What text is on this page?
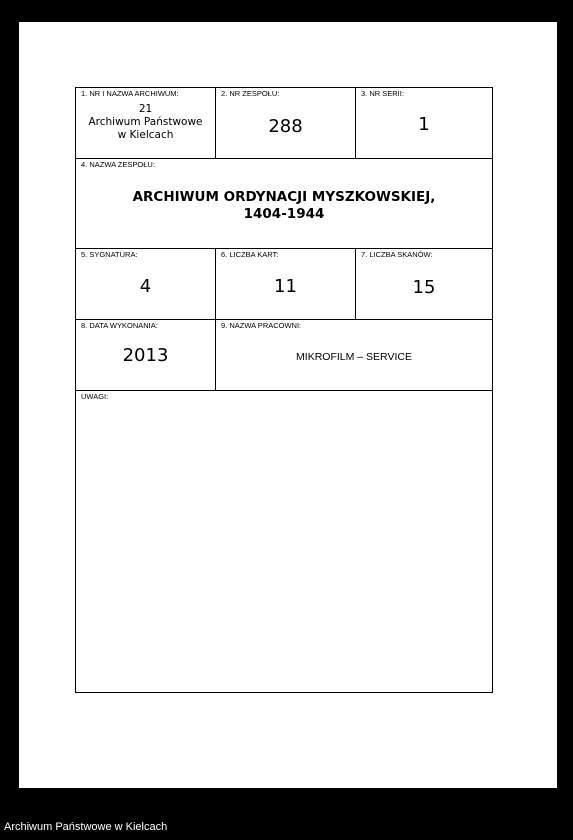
1. NR I NAZWA ARCHIWUM:
21
Archiwum Państwowe
w Kielcach
2. NR ZESPOŁU:
288
3. NR SERII:
1
4. NAZWA ZESPOŁU:
ARCHIWUM ORDYNACJI MYSZKOWSKIEJ,
1404-1944
5. SYGNATURA:
4
6. LICZBA KART:
11
7. LICZBA SKANÓW:
15
8. DATA WYKONANIA:
2013
9. NAZWA PRACOWNI:
MIKROFILM – SERVICE
UWAGI:
Archiwum Państwowe w Kielcach
